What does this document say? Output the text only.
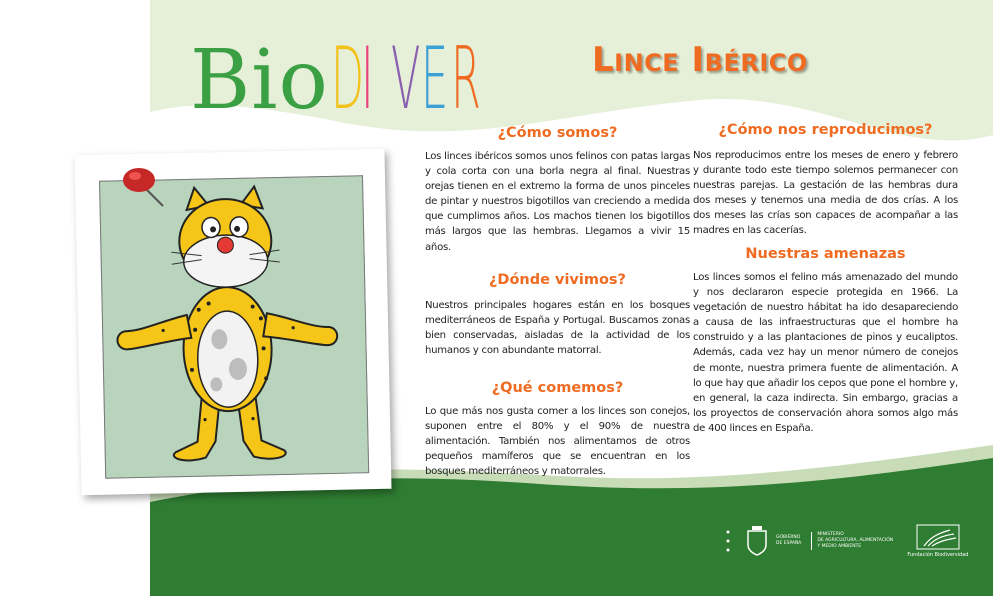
Bio D
I V E R	Lince Ibérico
¿Cómo somos?

Los linces ibéricos somos unos felinos con patas largas y cola corta con una borla negra al final. Nuestras orejas tienen en el extremo la forma de unos pinceles de pintar y nuestros bigotillos van creciendo a medida que cumplimos años. Los machos tienen los bigotillos más largos que las hembras. Llegamos a vivir 15 años.

¿Dónde vivimos?

Nuestros principales hogares están en los bosques mediterráneos de España y Portugal. Buscamos zonas bien conservadas, aisladas de la actividad de los humanos y con abundante matorral.

¿Qué comemos?

Lo que más nos gusta comer a los linces son conejos, suponen entre el 80% y el 90% de nuestra alimentación. También nos alimentamos de otros pequeños mamíferos que se encuentran en los bosques mediterráneos y matorrales.

¿Cómo nos reproducimos?

Nos reproducimos entre los meses de enero y febrero y durante todo este tiempo solemos permanecer con nuestras parejas. La gestación de las hembras dura dos meses y tenemos una media de dos crías. A los dos meses las crías son capaces de acompañar a las madres en las cacerías.

Nuestras amenazas

Los linces somos el felino más amenazado del mundo y nos declararon especie protegida en 1966. La vegetación de nuestro hábitat ha ido desapareciendo a causa de las infraestructuras que el hombre ha construido y a las plantaciones de pinos y eucaliptos. Además, cada vez hay un menor número de conejos de monte, nuestra primera fuente de alimentación. A lo que hay que añadir los cepos que pone el hombre y, en general, la caza indirecta. Sin embargo, gracias a los proyectos de conservación ahora somos algo más de 400 linces en España.

GOBIERNO
DE ESPAÑA
MINISTERIO
DE AGRICULTURA, ALIMENTACIÓN
Y MEDIO AMBIENTE
Fundación Biodiversidad
